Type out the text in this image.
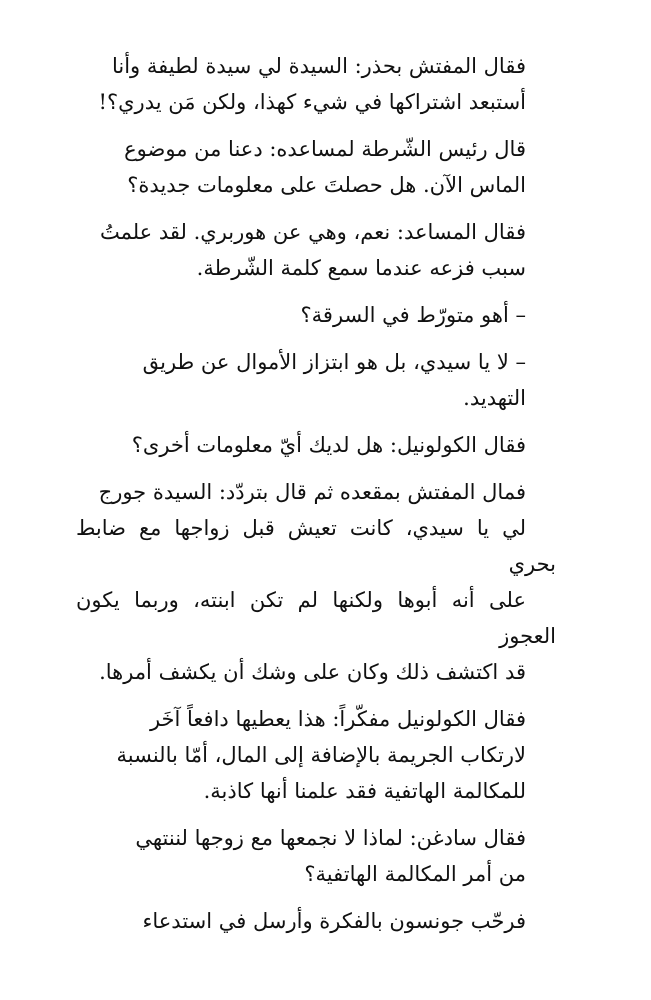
فقال المفتش بحذر: السيدة لي سيدة لطيفة وأنا
أستبعد اشتراكها في شيء كهذا، ولكن مَن يدري؟!

قال رئيس الشّرطة لمساعده: دعنا من موضوع
الماس الآن. هل حصلتَ على معلومات جديدة؟

فقال المساعد: نعم، وهي عن هوربري. لقد علمتُ
سبب فزعه عندما سمع كلمة الشّرطة.

– أهو متورّط في السرقة؟

– لا يا سيدي، بل هو ابتزاز الأموال عن طريق
التهديد.

فقال الكولونيل: هل لديك أيّ معلومات أخرى؟

فمال المفتش بمقعده ثم قال بتردّد: السيدة جورج
لي يا سيدي، كانت تعيش قبل زواجها مع ضابط بحري
على أنه أبوها ولكنها لم تكن ابنته، وربما يكون العجوز
قد اكتشف ذلك وكان على وشك أن يكشف أمرها.

فقال الكولونيل مفكّراً: هذا يعطيها دافعاً آخَر
لارتكاب الجريمة بالإضافة إلى المال، أمّا بالنسبة
للمكالمة الهاتفية فقد علمنا أنها كاذبة.

فقال سادغن: لماذا لا نجمعها مع زوجها لننتهي
من أمر المكالمة الهاتفية؟

فرحّب جونسون بالفكرة وأرسل في استدعاء
